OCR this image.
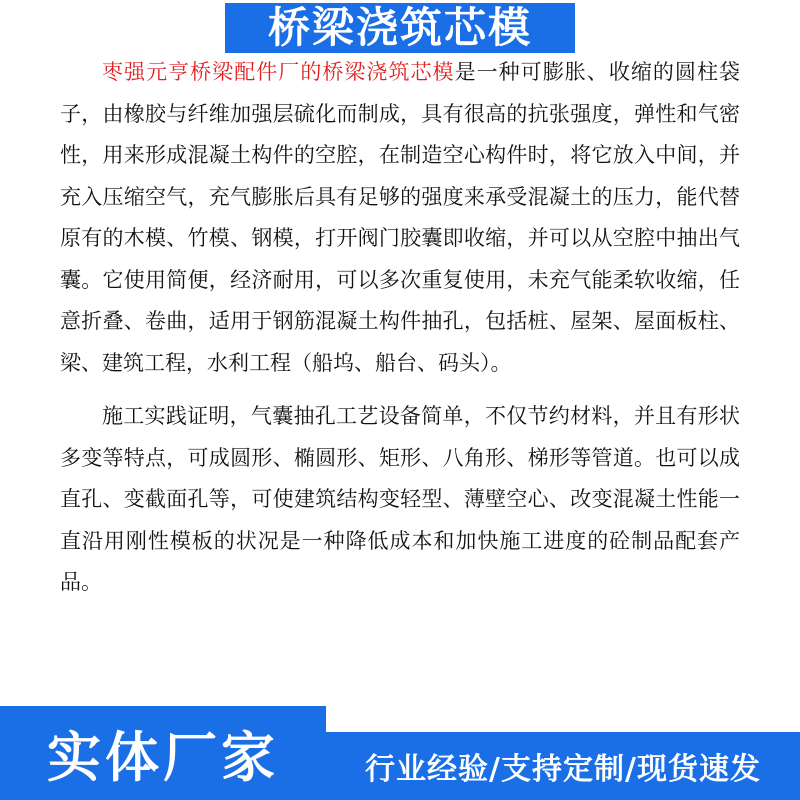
桥梁浇筑芯模

枣强元亨桥梁配件厂的桥梁浇筑芯模是一种可膨胀、收缩的圆柱袋子，由橡胶与纤维加强层硫化而制成，具有很高的抗张强度，弹性和气密性，用来形成混凝土构件的空腔，在制造空心构件时，将它放入中间，并充入压缩空气，充气膨胀后具有足够的强度来承受混凝土的压力，能代替原有的木模、竹模、钢模，打开阀门胶囊即收缩，并可以从空腔中抽出气囊。它使用简便，经济耐用，可以多次重复使用，未充气能柔软收缩，任意折叠、卷曲，适用于钢筋混凝土构件抽孔，包括桩、屋架、屋面板柱、梁、建筑工程，水利工程（船坞、船台、码头）。

施工实践证明，气囊抽孔工艺设备简单，不仅节约材料，并且有形状多变等特点，可成圆形、椭圆形、矩形、八角形、梯形等管道。也可以成直孔、变截面孔等，可使建筑结构变轻型、薄壁空心、改变混凝土性能一直沿用刚性模板的状况是一种降低成本和加快施工进度的砼制品配套产品。

实体厂家	行业经验/支持定制/现货速发
